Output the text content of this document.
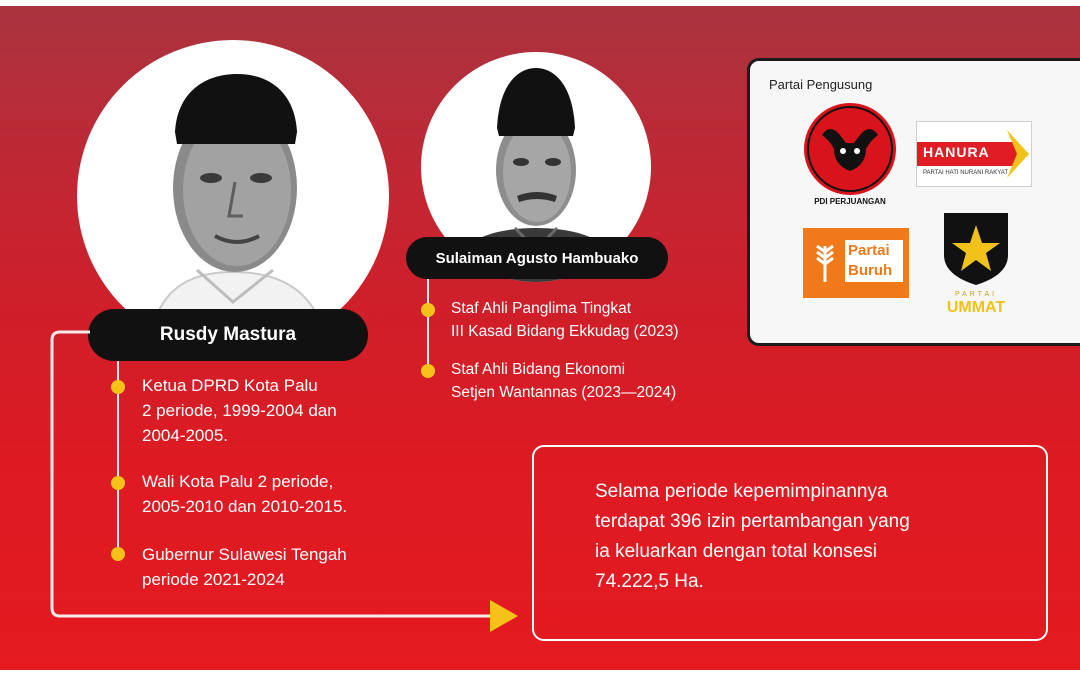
Rusdy Mastura
Sulaiman Agusto Hambuako
Ketua DPRD Kota Palu
2 periode, 1999-2004 dan
2004-2005.
Wali Kota Palu 2 periode,
2005-2010 dan 2010-2015.
Gubernur Sulawesi Tengah
periode 2021-2024
Staf Ahli Panglima Tingkat
III Kasad Bidang Ekkudag (2023)
Staf Ahli Bidang Ekonomi
Setjen Wantannas (2023—2024)
Partai Pengusung
PDI PERJUANGAN
HANURA
PARTAI HATI NURANI RAKYAT
Partai
Buruh
PARTAI
UMMAT
Selama periode kepemimpinannya
terdapat 396 izin pertambangan yang
ia keluarkan dengan total konsesi
74.222,5 Ha.
